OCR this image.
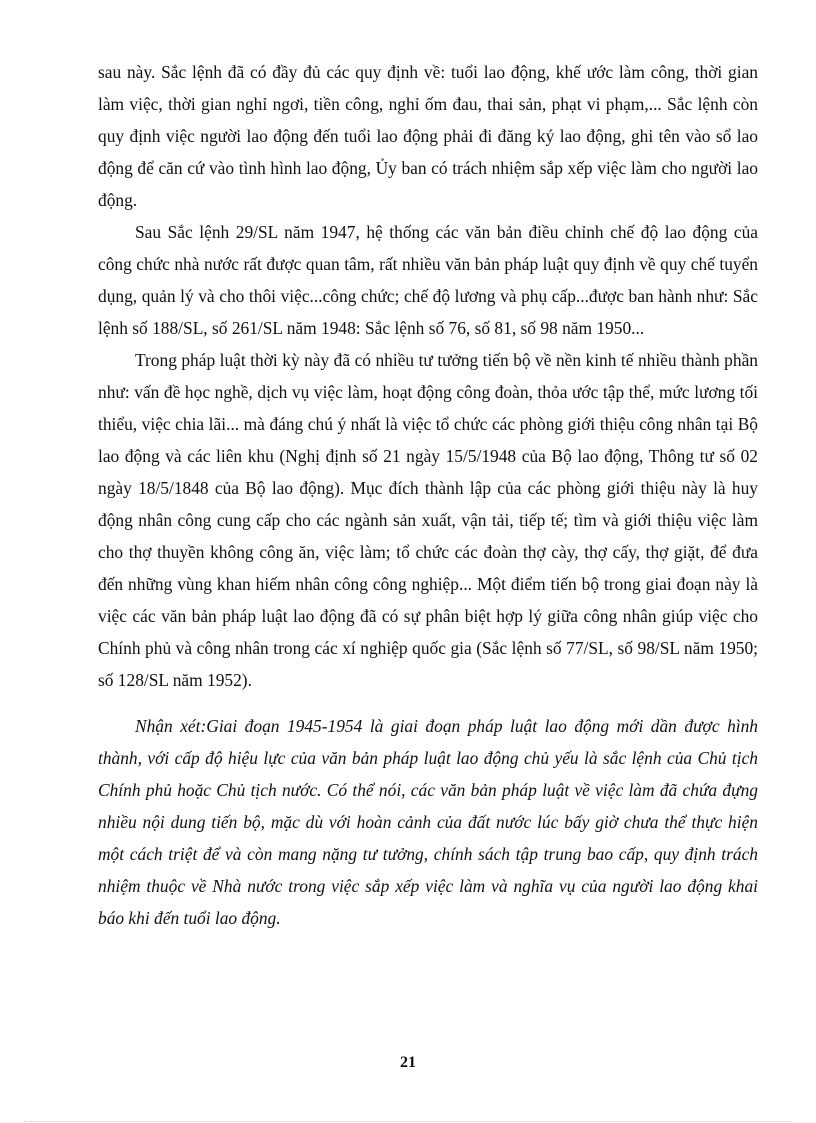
sau này. Sắc lệnh đã có đầy đủ các quy định về: tuổi lao động, khế ước làm công, thời gian làm việc, thời gian nghỉ ngơi, tiền công, nghỉ ốm đau, thai sản, phạt vi phạm,... Sắc lệnh còn quy định việc người lao động đến tuổi lao động phải đi đăng ký lao động, ghi tên vào sổ lao động để căn cứ vào tình hình lao động, Ủy ban có trách nhiệm sắp xếp việc làm cho người lao động.

Sau Sắc lệnh 29/SL năm 1947, hệ thống các văn bản điều chỉnh chế độ lao động của công chức nhà nước rất được quan tâm, rất nhiều văn bản pháp luật quy định về quy chế tuyển dụng, quản lý và cho thôi việc...công chức; chế độ lương và phụ cấp...được ban hành như: Sắc lệnh số 188/SL, số 261/SL năm 1948: Sắc lệnh số 76, số 81, số 98 năm 1950...

Trong pháp luật thời kỳ này đã có nhiều tư tưởng tiến bộ về nền kinh tế nhiều thành phần như: vấn đề học nghề, dịch vụ việc làm, hoạt động công đoàn, thỏa ước tập thể, mức lương tối thiểu, việc chia lãi... mà đáng chú ý nhất là việc tổ chức các phòng giới thiệu công nhân tại Bộ lao động và các liên khu (Nghị định số 21 ngày 15/5/1948 của Bộ lao động, Thông tư số 02 ngày 18/5/1848 của Bộ lao động). Mục đích thành lập của các phòng giới thiệu này là huy động nhân công cung cấp cho các ngành sản xuất, vận tải, tiếp tế; tìm và giới thiệu việc làm cho thợ thuyền không công ăn, việc làm; tổ chức các đoàn thợ cày, thợ cấy, thợ giặt, để đưa đến những vùng khan hiếm nhân công công nghiệp... Một điểm tiến bộ trong giai đoạn này là việc các văn bản pháp luật lao động đã có sự phân biệt hợp lý giữa công nhân giúp việc cho Chính phủ và công nhân trong các xí nghiệp quốc gia (Sắc lệnh số 77/SL, số 98/SL năm 1950; số 128/SL năm 1952).

Nhận xét:Giai đoạn 1945-1954 là giai đoạn pháp luật lao động mới dần được hình thành, với cấp độ hiệu lực của văn bản pháp luật lao động chủ yếu là sắc lệnh của Chủ tịch Chính phủ hoặc Chủ tịch nước. Có thể nói, các văn bản pháp luật về việc làm đã chứa đựng nhiều nội dung tiến bộ, mặc dù với hoàn cảnh của đất nước lúc bấy giờ chưa thể thực hiện một cách triệt để và còn mang nặng tư tưởng, chính sách tập trung bao cấp, quy định trách nhiệm thuộc về Nhà nước trong việc sắp xếp việc làm và nghĩa vụ của người lao động khai báo khi đến tuổi lao động.

21
